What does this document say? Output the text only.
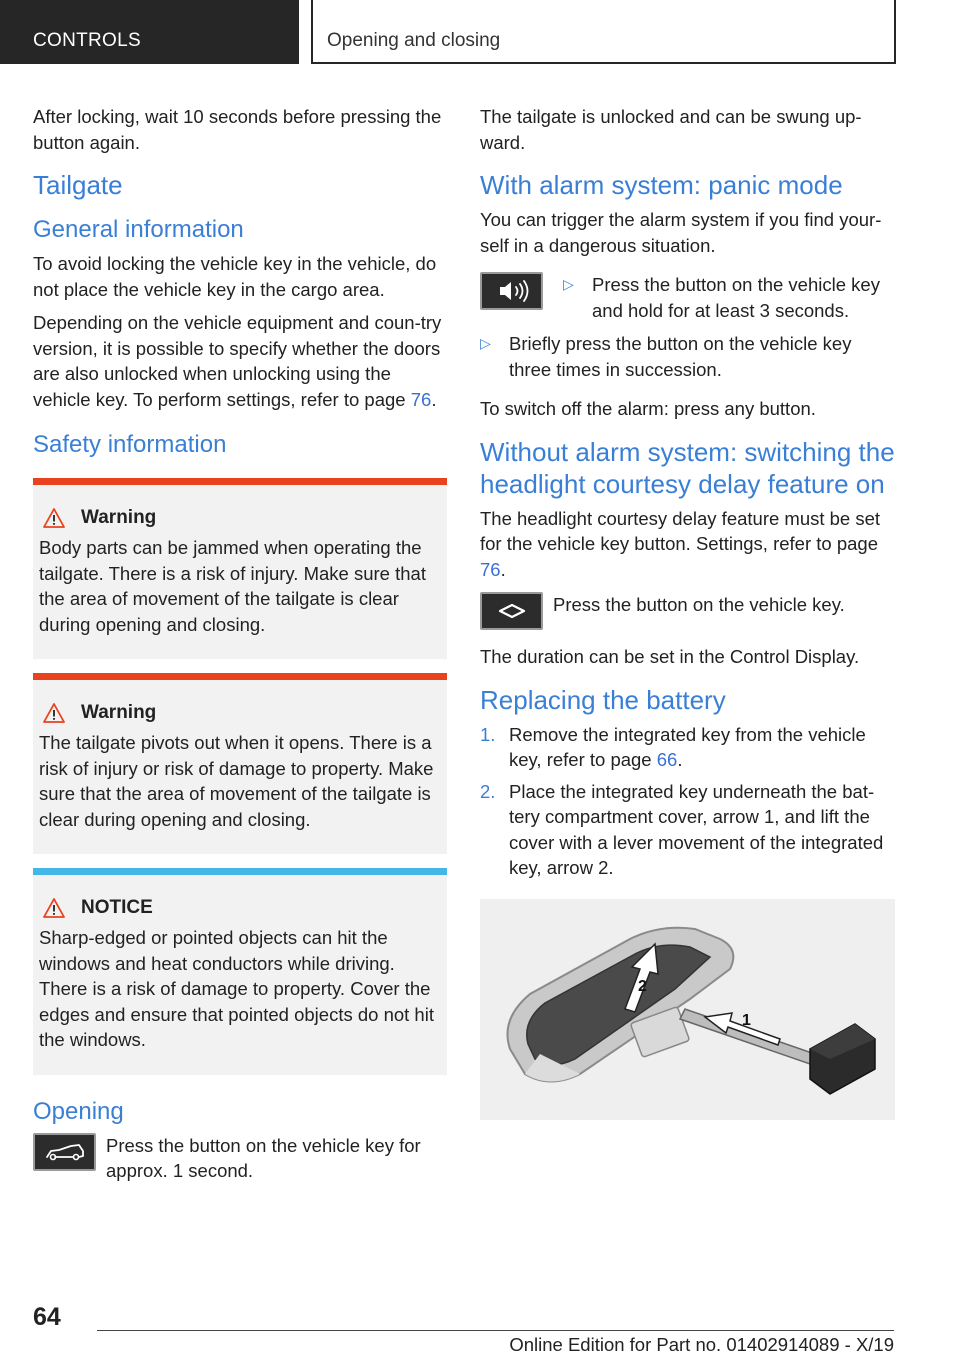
CONTROLS	Opening and closing

After locking, wait 10 seconds before pressing the button again.

Tailgate
General information

To avoid locking the vehicle key in the vehicle, do not place the vehicle key in the cargo area.

Depending on the vehicle equipment and coun-try version, it is possible to specify whether the doors are also unlocked when unlocking using the vehicle key. To perform settings, refer to page 76.

Safety information
Warning

Body parts can be jammed when operating the tailgate. There is a risk of injury. Make sure that the area of movement of the tailgate is clear during opening and closing.

Warning

The tailgate pivots out when it opens. There is a risk of injury or risk of damage to property. Make sure that the area of movement of the tailgate is clear during opening and closing.

NOTICE

Sharp-edged or pointed objects can hit the windows and heat conductors while driving. There is a risk of damage to property. Cover the edges and ensure that pointed objects do not hit the windows.

Opening

Press the button on the vehicle key for approx. 1 second.

The tailgate is unlocked and can be swung up-ward.

With alarm system: panic mode

You can trigger the alarm system if you find your-self in a dangerous situation.

▷ Press the button on the vehicle key and hold for at least 3 seconds.
▷ Briefly press the button on the vehicle key three times in succession.

To switch off the alarm: press any button.

Without alarm system: switching the headlight courtesy delay feature on

The headlight courtesy delay feature must be set for the vehicle key button. Settings, refer to page 76.

Press the button on the vehicle key.

The duration can be set in the Control Display.

Replacing the battery
1. Remove the integrated key from the vehicle key, refer to page 66.
2. Place the integrated key underneath the bat-tery compartment cover, arrow 1, and lift the cover with a lever movement of the integrated key, arrow 2.
1
2
64
Online Edition for Part no. 01402914089 - X/19
